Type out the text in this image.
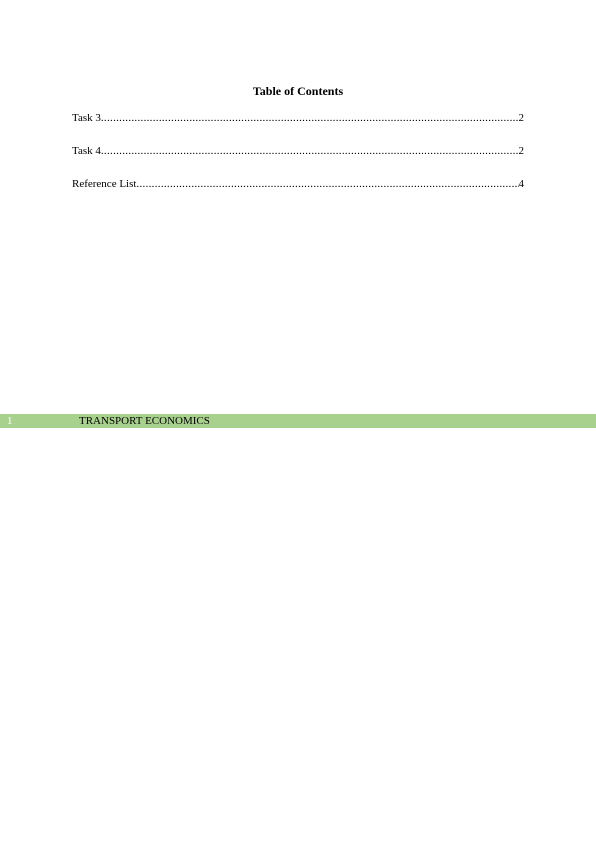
Table of Contents
Task 3 .....	2
Task 4 .....	2
Reference List .....	4
1	TRANSPORT ECONOMICS
